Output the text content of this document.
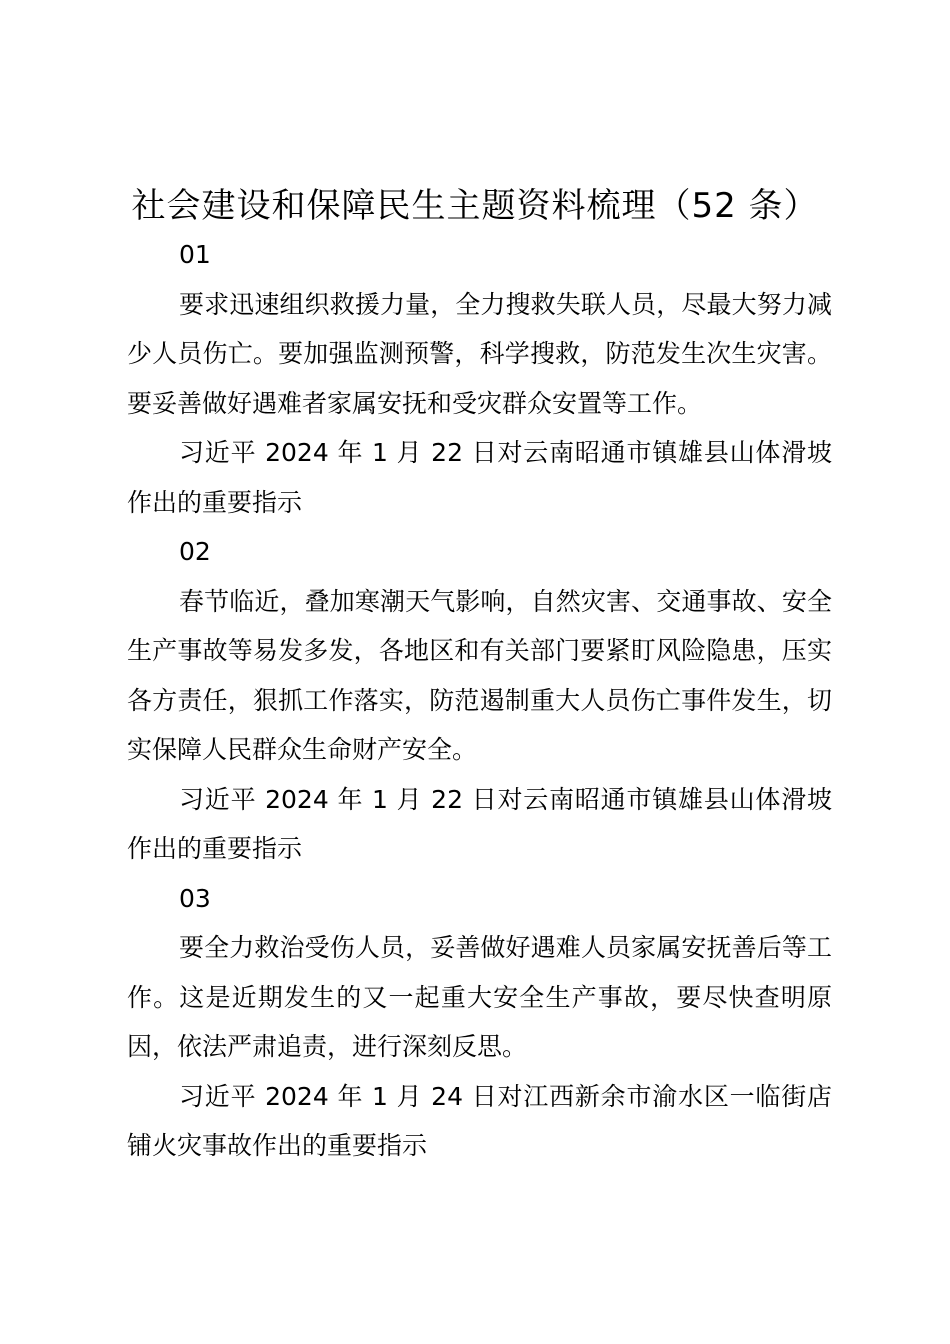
社会建设和保障民生主题资料梳理（52 条）
01
要求迅速组织救援力量，全力搜救失联人员，尽最大努力减少人员伤亡。要加强监测预警，科学搜救，防范发生次生灾害。要妥善做好遇难者家属安抚和受灾群众安置等工作。
习近平 2024 年 1 月 22 日对云南昭通市镇雄县山体滑坡作出的重要指示
02
春节临近，叠加寒潮天气影响，自然灾害、交通事故、安全生产事故等易发多发，各地区和有关部门要紧盯风险隐患，压实各方责任，狠抓工作落实，防范遏制重大人员伤亡事件发生，切实保障人民群众生命财产安全。
习近平 2024 年 1 月 22 日对云南昭通市镇雄县山体滑坡作出的重要指示
03
要全力救治受伤人员，妥善做好遇难人员家属安抚善后等工作。这是近期发生的又一起重大安全生产事故，要尽快查明原因，依法严肃追责，进行深刻反思。
习近平 2024 年 1 月 24 日对江西新余市渝水区一临街店铺火灾事故作出的重要指示
